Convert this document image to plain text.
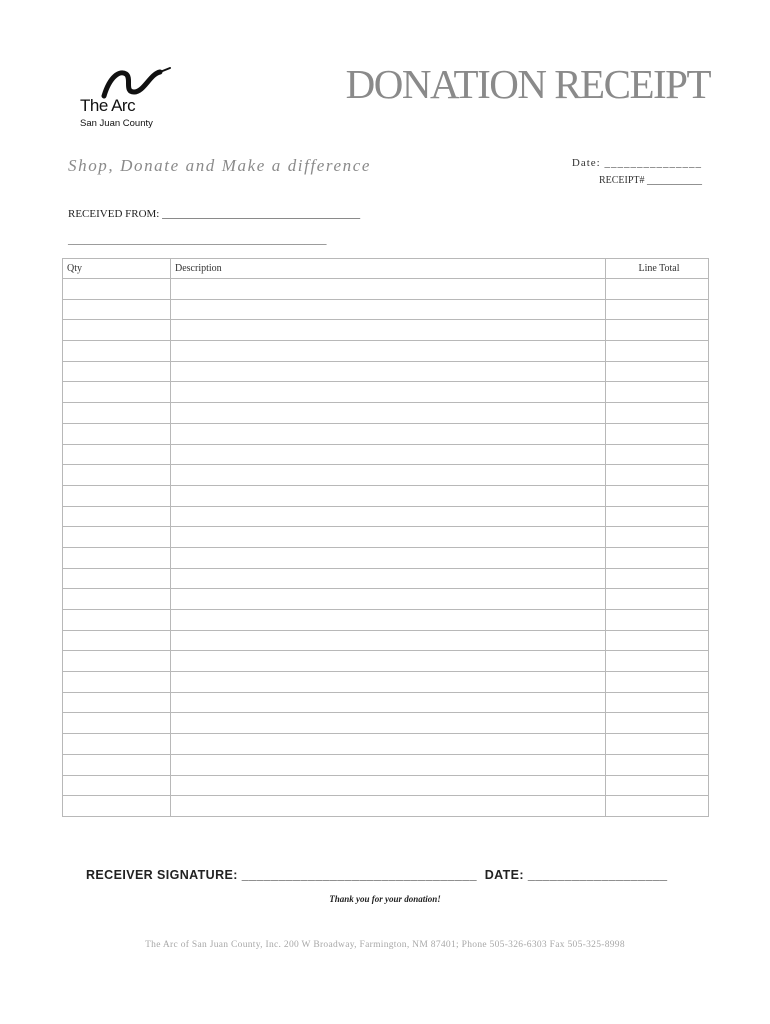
The Arc
San Juan County
DONATION RECEIPT
Shop, Donate and Make a difference	Date: _______________
RECEIPT# ___________
RECEIVED FROM: ____________________________________
_______________________________________________
Qty	Description	Line Total

RECEIVER SIGNATURE: ________________________________  DATE: ___________________
Thank you for your donation!
The Arc of San Juan County, Inc. 200 W Broadway, Farmington, NM 87401; Phone 505-326-6303 Fax 505-325-8998
